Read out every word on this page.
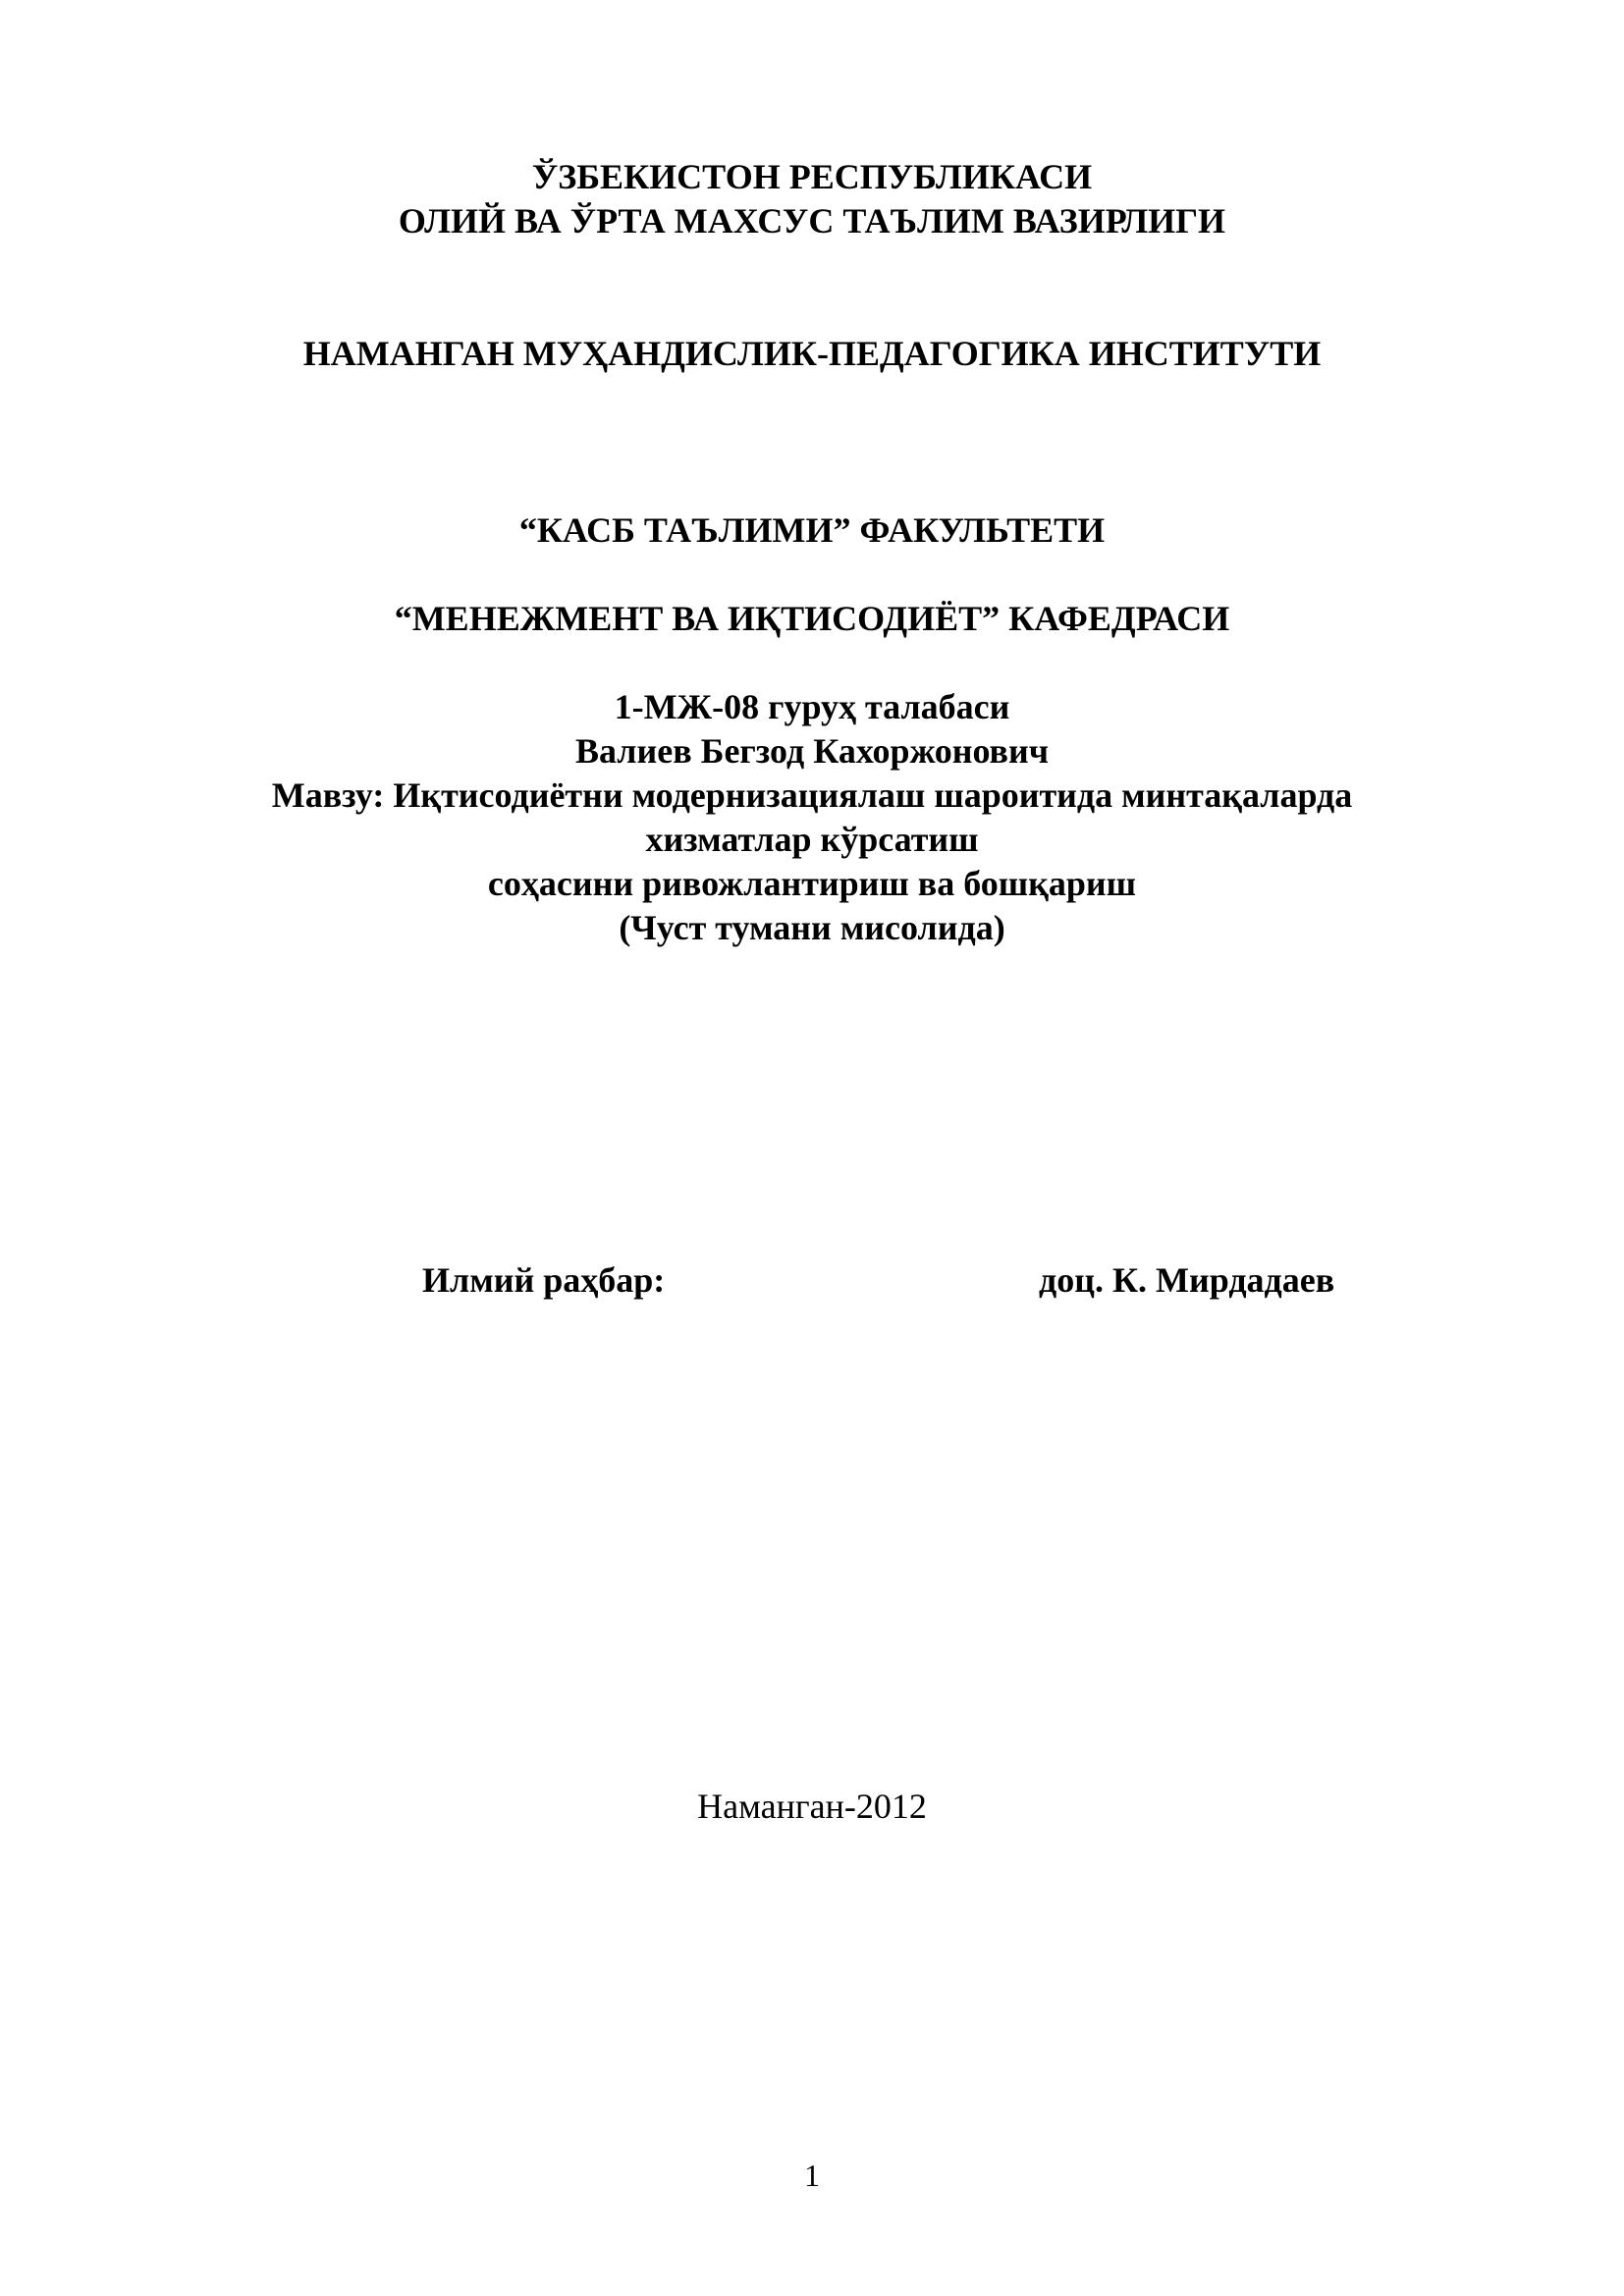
ЎЗБЕКИСТОН РЕСПУБЛИКАСИ
ОЛИЙ ВА ЎРТА МАХСУС ТАЪЛИМ ВАЗИРЛИГИ
НАМАНГАН МУҲАНДИСЛИК-ПЕДАГОГИКА ИНСТИТУТИ
“КАСБ ТАЪЛИМИ” ФАКУЛЬТЕТИ
“МЕНЕЖМЕНТ ВА ИҚТИСОДИЁТ” КАФЕДРАСИ
1-МЖ-08 гуруҳ талабаси
Валиев Бегзод Кахоржонович
Мавзу: Иқтисодиётни модернизациялаш шароитида минтақаларда
хизматлар кўрсатиш
соҳасини ривожлантириш ва бошқариш
(Чуст тумани мисолида)
Илмий раҳбар:	доц. К. Мирдадаев
Наманган-2012
1
